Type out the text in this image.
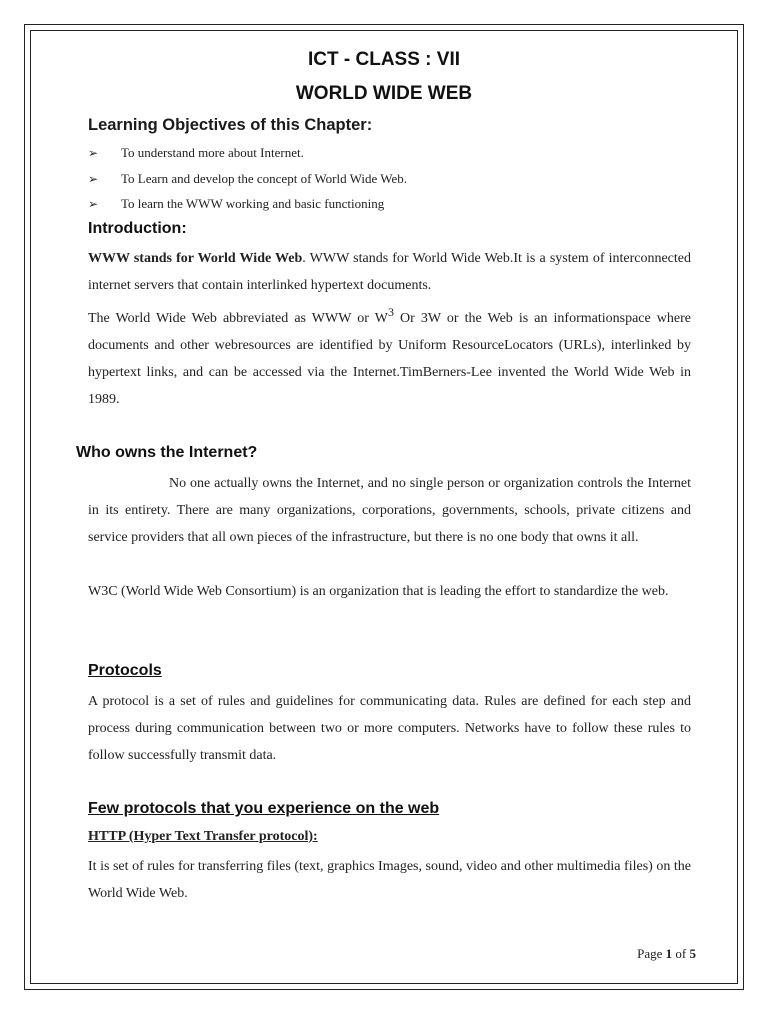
ICT - CLASS : VII
WORLD WIDE WEB
Learning Objectives of this Chapter:
➢ To understand more about Internet.
➢ To Learn and develop the concept of World Wide Web.
➢ To learn the WWW working and basic functioning
Introduction:

WWW stands for World Wide Web. WWW stands for World Wide Web.It is a system of interconnected internet servers that contain interlinked hypertext documents.

The World Wide Web abbreviated as WWW or $W^3$ Or 3W or the Web is an informationspace where documents and other webresources are identified by Uniform ResourceLocators (URLs), interlinked by hypertext links, and can be accessed via the Internet.TimBerners-Lee invented the World Wide Web in 1989.

Who owns the Internet?

No one actually owns the Internet, and no single person or organization controls the Internet in its entirety. There are many organizations, corporations, governments, schools, private citizens and service providers that all own pieces of the infrastructure, but there is no one body that owns it all.

W3C (World Wide Web Consortium) is an organization that is leading the effort to standardize the web.

Protocols

A protocol is a set of rules and guidelines for communicating data. Rules are defined for each step and process during communication between two or more computers. Networks have to follow these rules to follow successfully transmit data.

Few protocols that you experience on the web

HTTP (Hyper Text Transfer protocol):

It is set of rules for transferring files (text, graphics Images, sound, video and other multimedia files) on the World Wide Web.

Page 1 of 5
